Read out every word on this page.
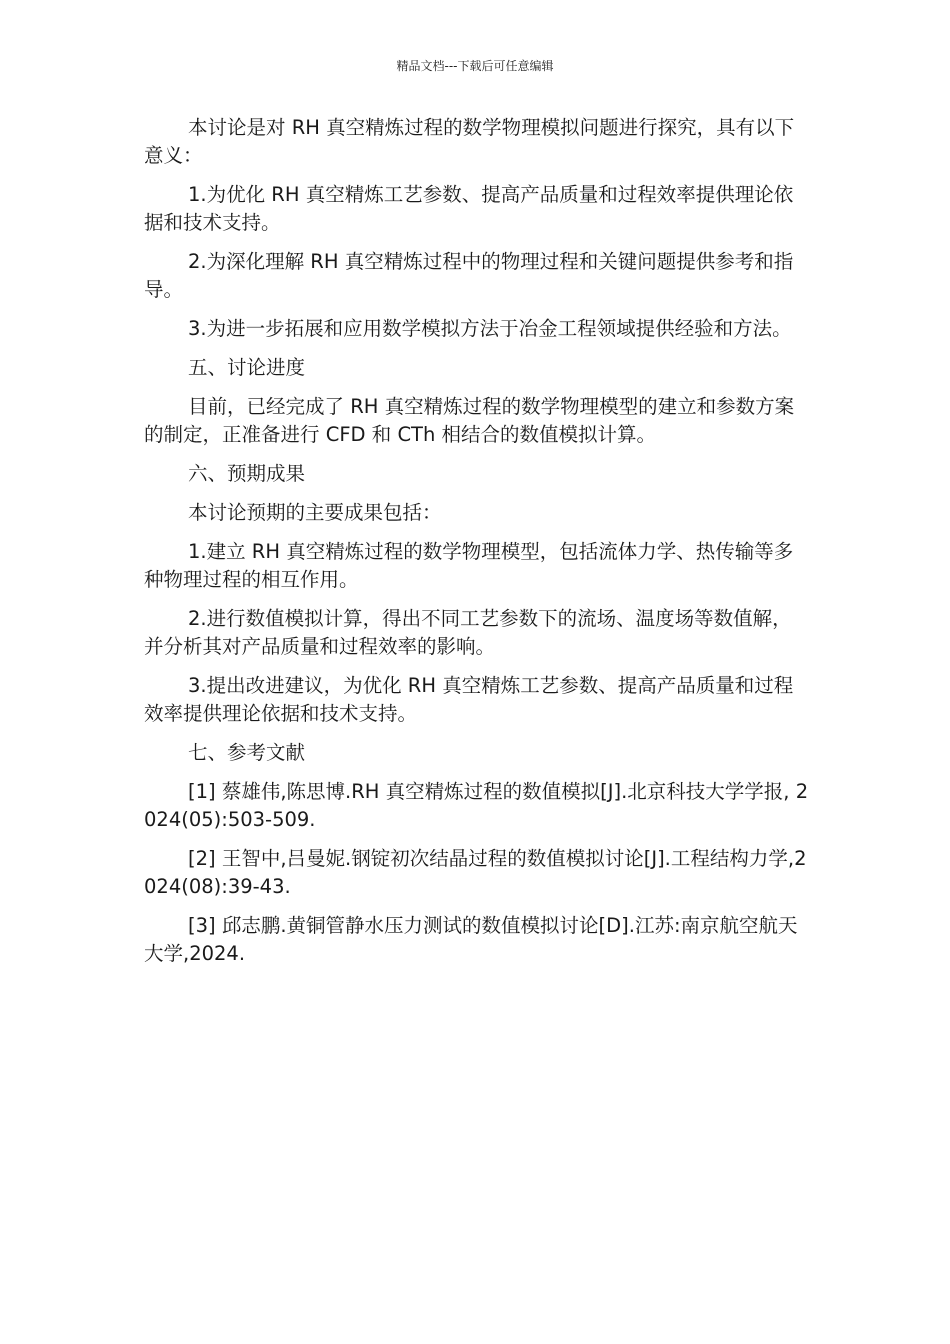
精品文档---下载后可任意编辑

本讨论是对 RH 真空精炼过程的数学物理模拟问题进行探究，具有以下意义：

1.为优化 RH 真空精炼工艺参数、提高产品质量和过程效率提供理论依据和技术支持。

2.为深化理解 RH 真空精炼过程中的物理过程和关键问题提供参考和指导。

3.为进一步拓展和应用数学模拟方法于冶金工程领域提供经验和方法。

五、讨论进度

目前，已经完成了 RH 真空精炼过程的数学物理模型的建立和参数方案的制定，正准备进行 CFD 和 CTh 相结合的数值模拟计算。

六、预期成果

本讨论预期的主要成果包括：

1.建立 RH 真空精炼过程的数学物理模型，包括流体力学、热传输等多种物理过程的相互作用。

2.进行数值模拟计算，得出不同工艺参数下的流场、温度场等数值解，并分析其对产品质量和过程效率的影响。

3.提出改进建议，为优化 RH 真空精炼工艺参数、提高产品质量和过程效率提供理论依据和技术支持。

七、参考文献

[1] 蔡雄伟,陈思博.RH 真空精炼过程的数值模拟[J].北京科技大学学报, 2024(05):503-509.

[2] 王智中,吕曼妮.钢锭初次结晶过程的数值模拟讨论[J].工程结构力学,2024(08):39-43.

[3] 邱志鹏.黄铜管静水压力测试的数值模拟讨论[D].江苏:南京航空航天大学,2024.
